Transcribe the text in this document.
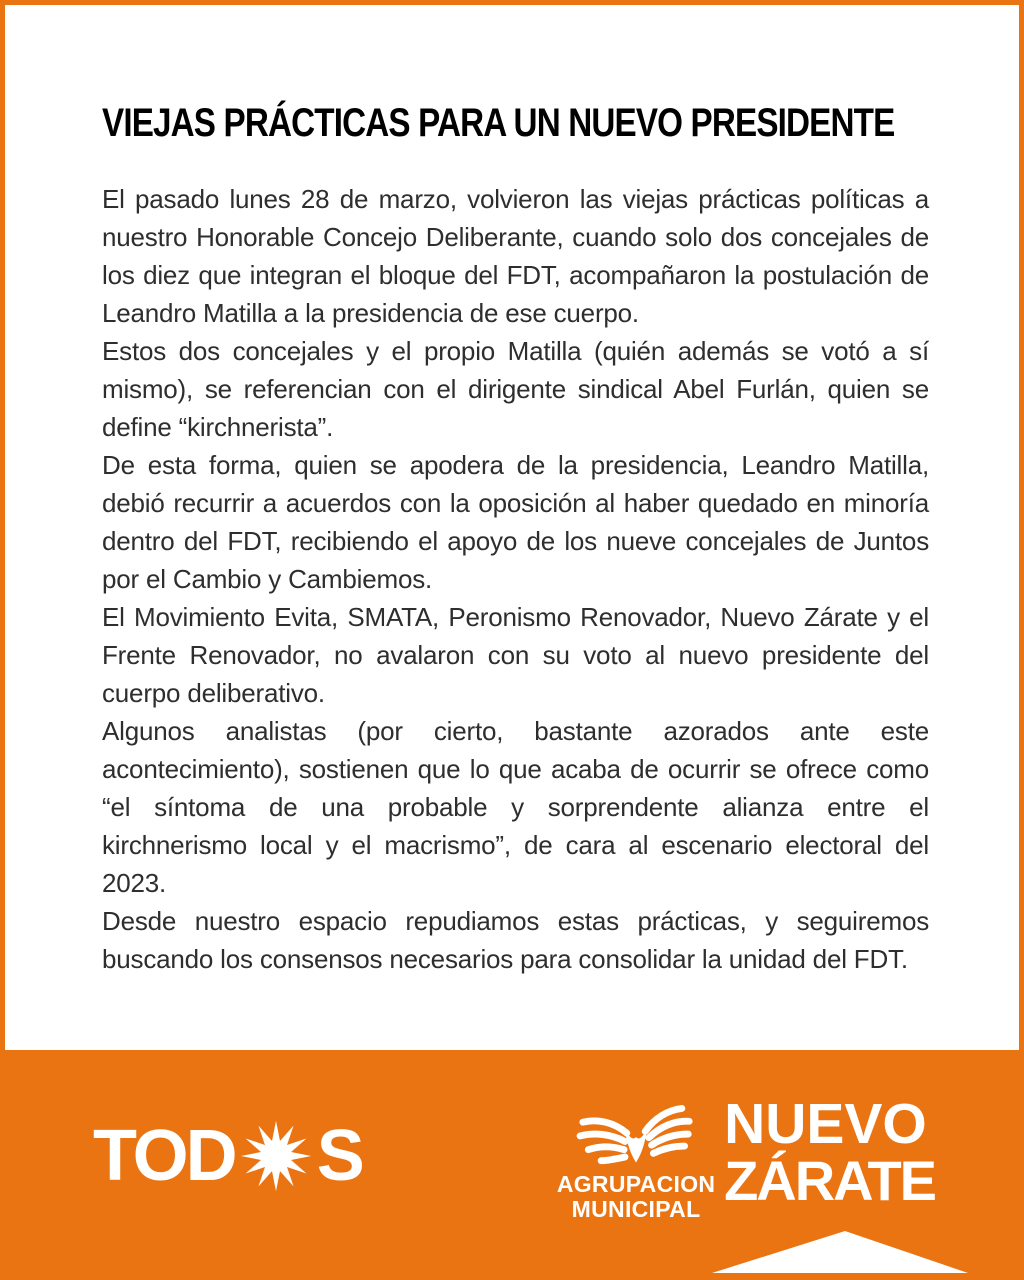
VIEJAS PRÁCTICAS PARA UN NUEVO PRESIDENTE

El pasado lunes 28 de marzo, volvieron las viejas prácticas políticas a nuestro Honorable Concejo Deliberante, cuando solo dos concejales de los diez que integran el bloque del FDT, acompañaron la postulación de Leandro Matilla a la presidencia de ese cuerpo.

Estos dos concejales y el propio Matilla (quién además se votó a sí mismo), se referencian con el dirigente sindical Abel Furlán, quien se define “kirchnerista”.

De esta forma, quien se apodera de la presidencia, Leandro Matilla, debió recurrir a acuerdos con la oposición al haber quedado en minoría dentro del FDT, recibiendo el apoyo de los nueve concejales de Juntos por el Cambio y Cambiemos.

El Movimiento Evita, SMATA, Peronismo Renovador, Nuevo Zárate y el Frente Renovador, no avalaron con su voto al nuevo presidente del cuerpo deliberativo.

Algunos analistas (por cierto, bastante azorados ante este acontecimiento), sostienen que lo que acaba de ocurrir se ofrece como “el síntoma de una probable y sorprendente alianza entre el kirchnerismo local y el macrismo”, de cara al escenario electoral del 2023.

Desde nuestro espacio repudiamos estas prácticas, y seguiremos buscando los consensos necesarios para consolidar la unidad del FDT.

TOD S	AGRUPACION
MUNICIPAL
NUEVO
ZÁRATE
